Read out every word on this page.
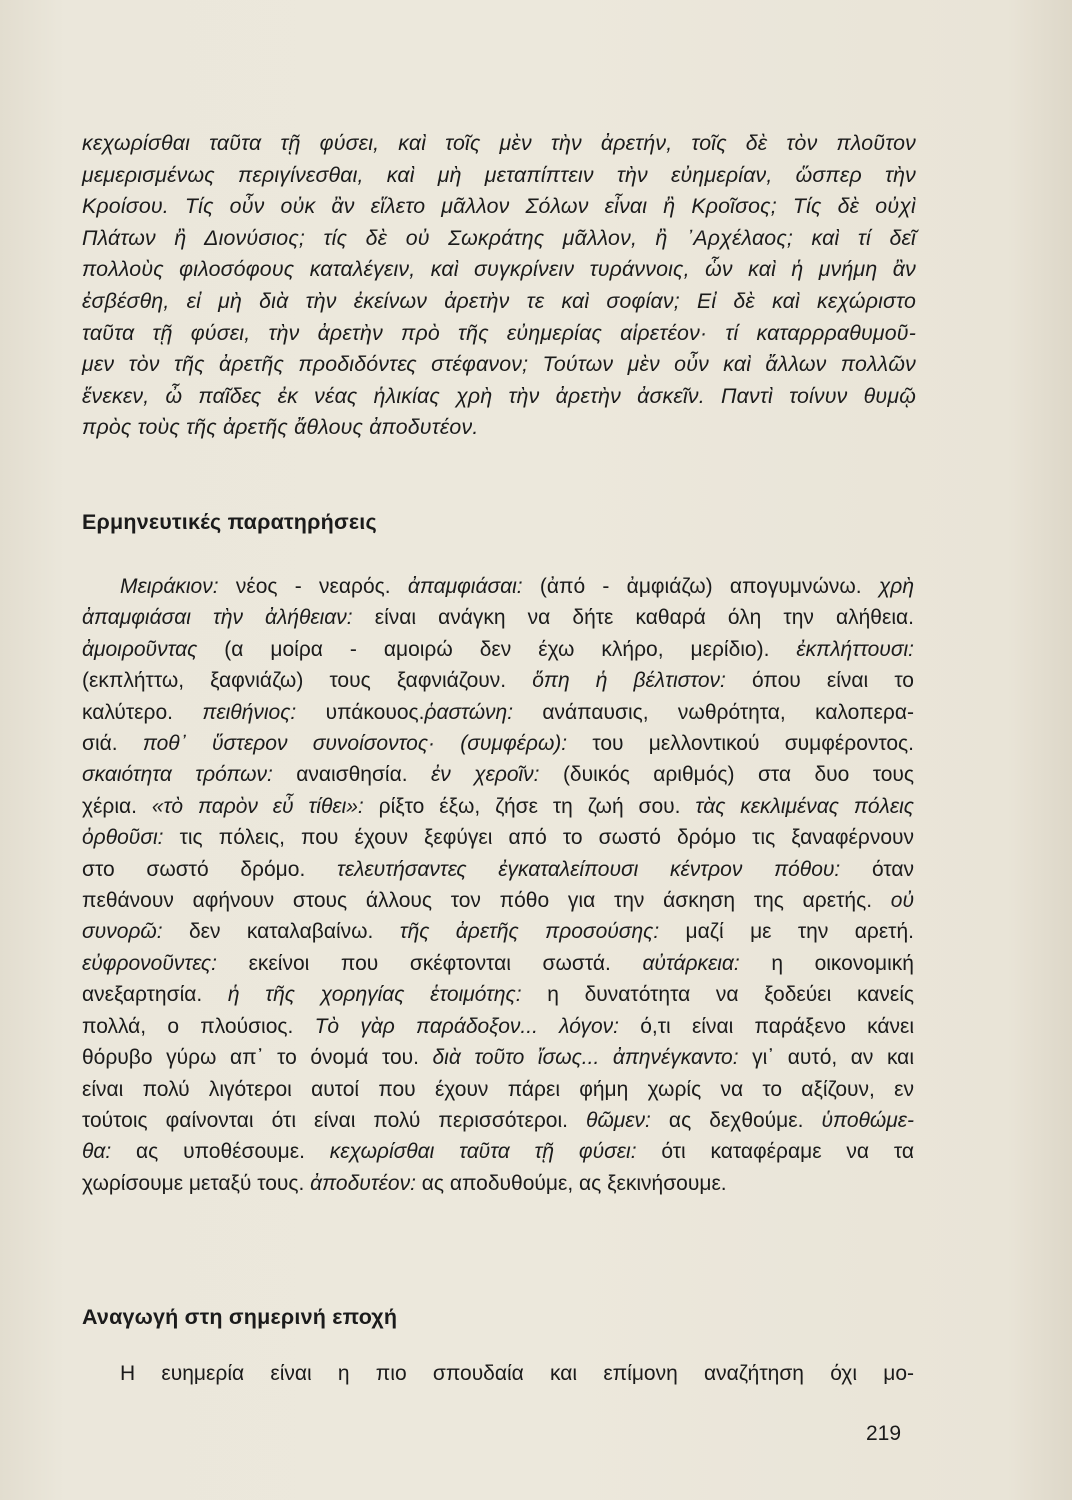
κεχωρίσθαι ταῦτα τῇ φύσει, καὶ τοῖς μὲν τὴν ἀρετήν, τοῖς δὲ τὸν πλοῦτον
μεμερισμένως περιγίνεσθαι, καὶ μὴ μεταπίπτειν τὴν εὐημερίαν, ὥσπερ τὴν
Κροίσου. Τίς οὖν οὐκ ἂν εἵλετο μᾶλλον Σόλων εἶναι ἢ Κροῖσος; Τίς δὲ οὐχὶ
Πλάτων ἢ Διονύσιος; τίς δὲ οὐ Σωκράτης μᾶλλον, ἢ ᾿Αρχέλαος; καὶ τί δεῖ
πολλοὺς φιλοσόφους καταλέγειν, καὶ συγκρίνειν τυράννοις, ὧν καὶ ἡ μνήμη ἂν
ἐσβέσθη, εἰ μὴ διὰ τὴν ἐκείνων ἀρετὴν τε καὶ σοφίαν; Εἰ δὲ καὶ κεχώριστο
ταῦτα τῇ φύσει, τὴν ἀρετὴν πρὸ τῆς εὐημερίας αἱρετέον· τί καταρρραθυμοῦ-
μεν τὸν τῆς ἀρετῆς προδιδόντες στέφανον; Τούτων μὲν οὖν καὶ ἄλλων πολλῶν
ἕνεκεν, ὦ παῖδες ἐκ νέας ἡλικίας χρὴ τὴν ἀρετὴν ἀσκεῖν. Παντὶ τοίνυν θυμῷ
πρὸς τοὺς τῆς ἀρετῆς ἄθλους ἀποδυτέον.
Ερμηνευτικές παρατηρήσεις
Μειράκιον: νέος - νεαρός. ἀπαμφιάσαι: (ἀπό - ἀμφιάζω) απογυμνώνω. χρὴ
ἀπαμφιάσαι τὴν ἀλήθειαν: είναι ανάγκη να δήτε καθαρά όλη την αλήθεια.
ἀμοιροῦντας (α μοίρα - αμοιρώ δεν έχω κλήρο, μερίδιο). ἐκπλήττουσι:
(εκπλήττω, ξαφνιάζω) τους ξαφνιάζουν. ὅπη ἡ βέλτιστον: όπου είναι το
καλύτερο. πειθήνιος: υπάκουος.ῥαστώνη: ανάπαυσις, νωθρότητα, καλοπερα-
σιά. ποθ᾿ ὕστερον συνοίσοντος· (συμφέρω): του μελλοντικού συμφέροντος.
σκαιότητα τρόπων: αναισθησία. ἐν χεροῖν: (δυικός αριθμός) στα δυο τους
χέρια. «τὸ παρὸν εὖ τίθει»: ρίξτο έξω, ζήσε τη ζωή σου. τὰς κεκλιμένας πόλεις
ὀρθοῦσι: τις πόλεις, που έχουν ξεφύγει από το σωστό δρόμο τις ξαναφέρνουν
στο σωστό δρόμο. τελευτήσαντες ἐγκαταλείπουσι κέντρον πόθου: όταν
πεθάνουν αφήνουν στους άλλους τον πόθο για την άσκηση της αρετής. οὐ
συνορῶ: δεν καταλαβαίνω. τῆς ἀρετῆς προσούσης: μαζί με την αρετή.
εὐφρονοῦντες: εκείνοι που σκέφτονται σωστά. αὐτάρκεια: η οικονομική
ανεξαρτησία. ἡ τῆς χορηγίας ἑτοιμότης: η δυνατότητα να ξοδεύει κανείς
πολλά, ο πλούσιος. Τὸ γὰρ παράδοξον... λόγον: ό,τι είναι παράξενο κάνει
θόρυβο γύρω απ᾿ το όνομά του. διὰ τοῦτο ἴσως... ἀπηνέγκαντο: γι᾿ αυτό, αν και
είναι πολύ λιγότεροι αυτοί που έχουν πάρει φήμη χωρίς να το αξίζουν, εν
τούτοις φαίνονται ότι είναι πολύ περισσότεροι. θῶμεν: ας δεχθούμε. ὑποθώμε-
θα: ας υποθέσουμε. κεχωρίσθαι ταῦτα τῇ φύσει: ότι καταφέραμε να τα
χωρίσουμε μεταξύ τους. ἀποδυτέον: ας αποδυθούμε, ας ξεκινήσουμε.
Αναγωγή στη σημερινή εποχή

Η ευημερία είναι η πιο σπουδαία και επίμονη αναζήτηση όχι μο-

219
